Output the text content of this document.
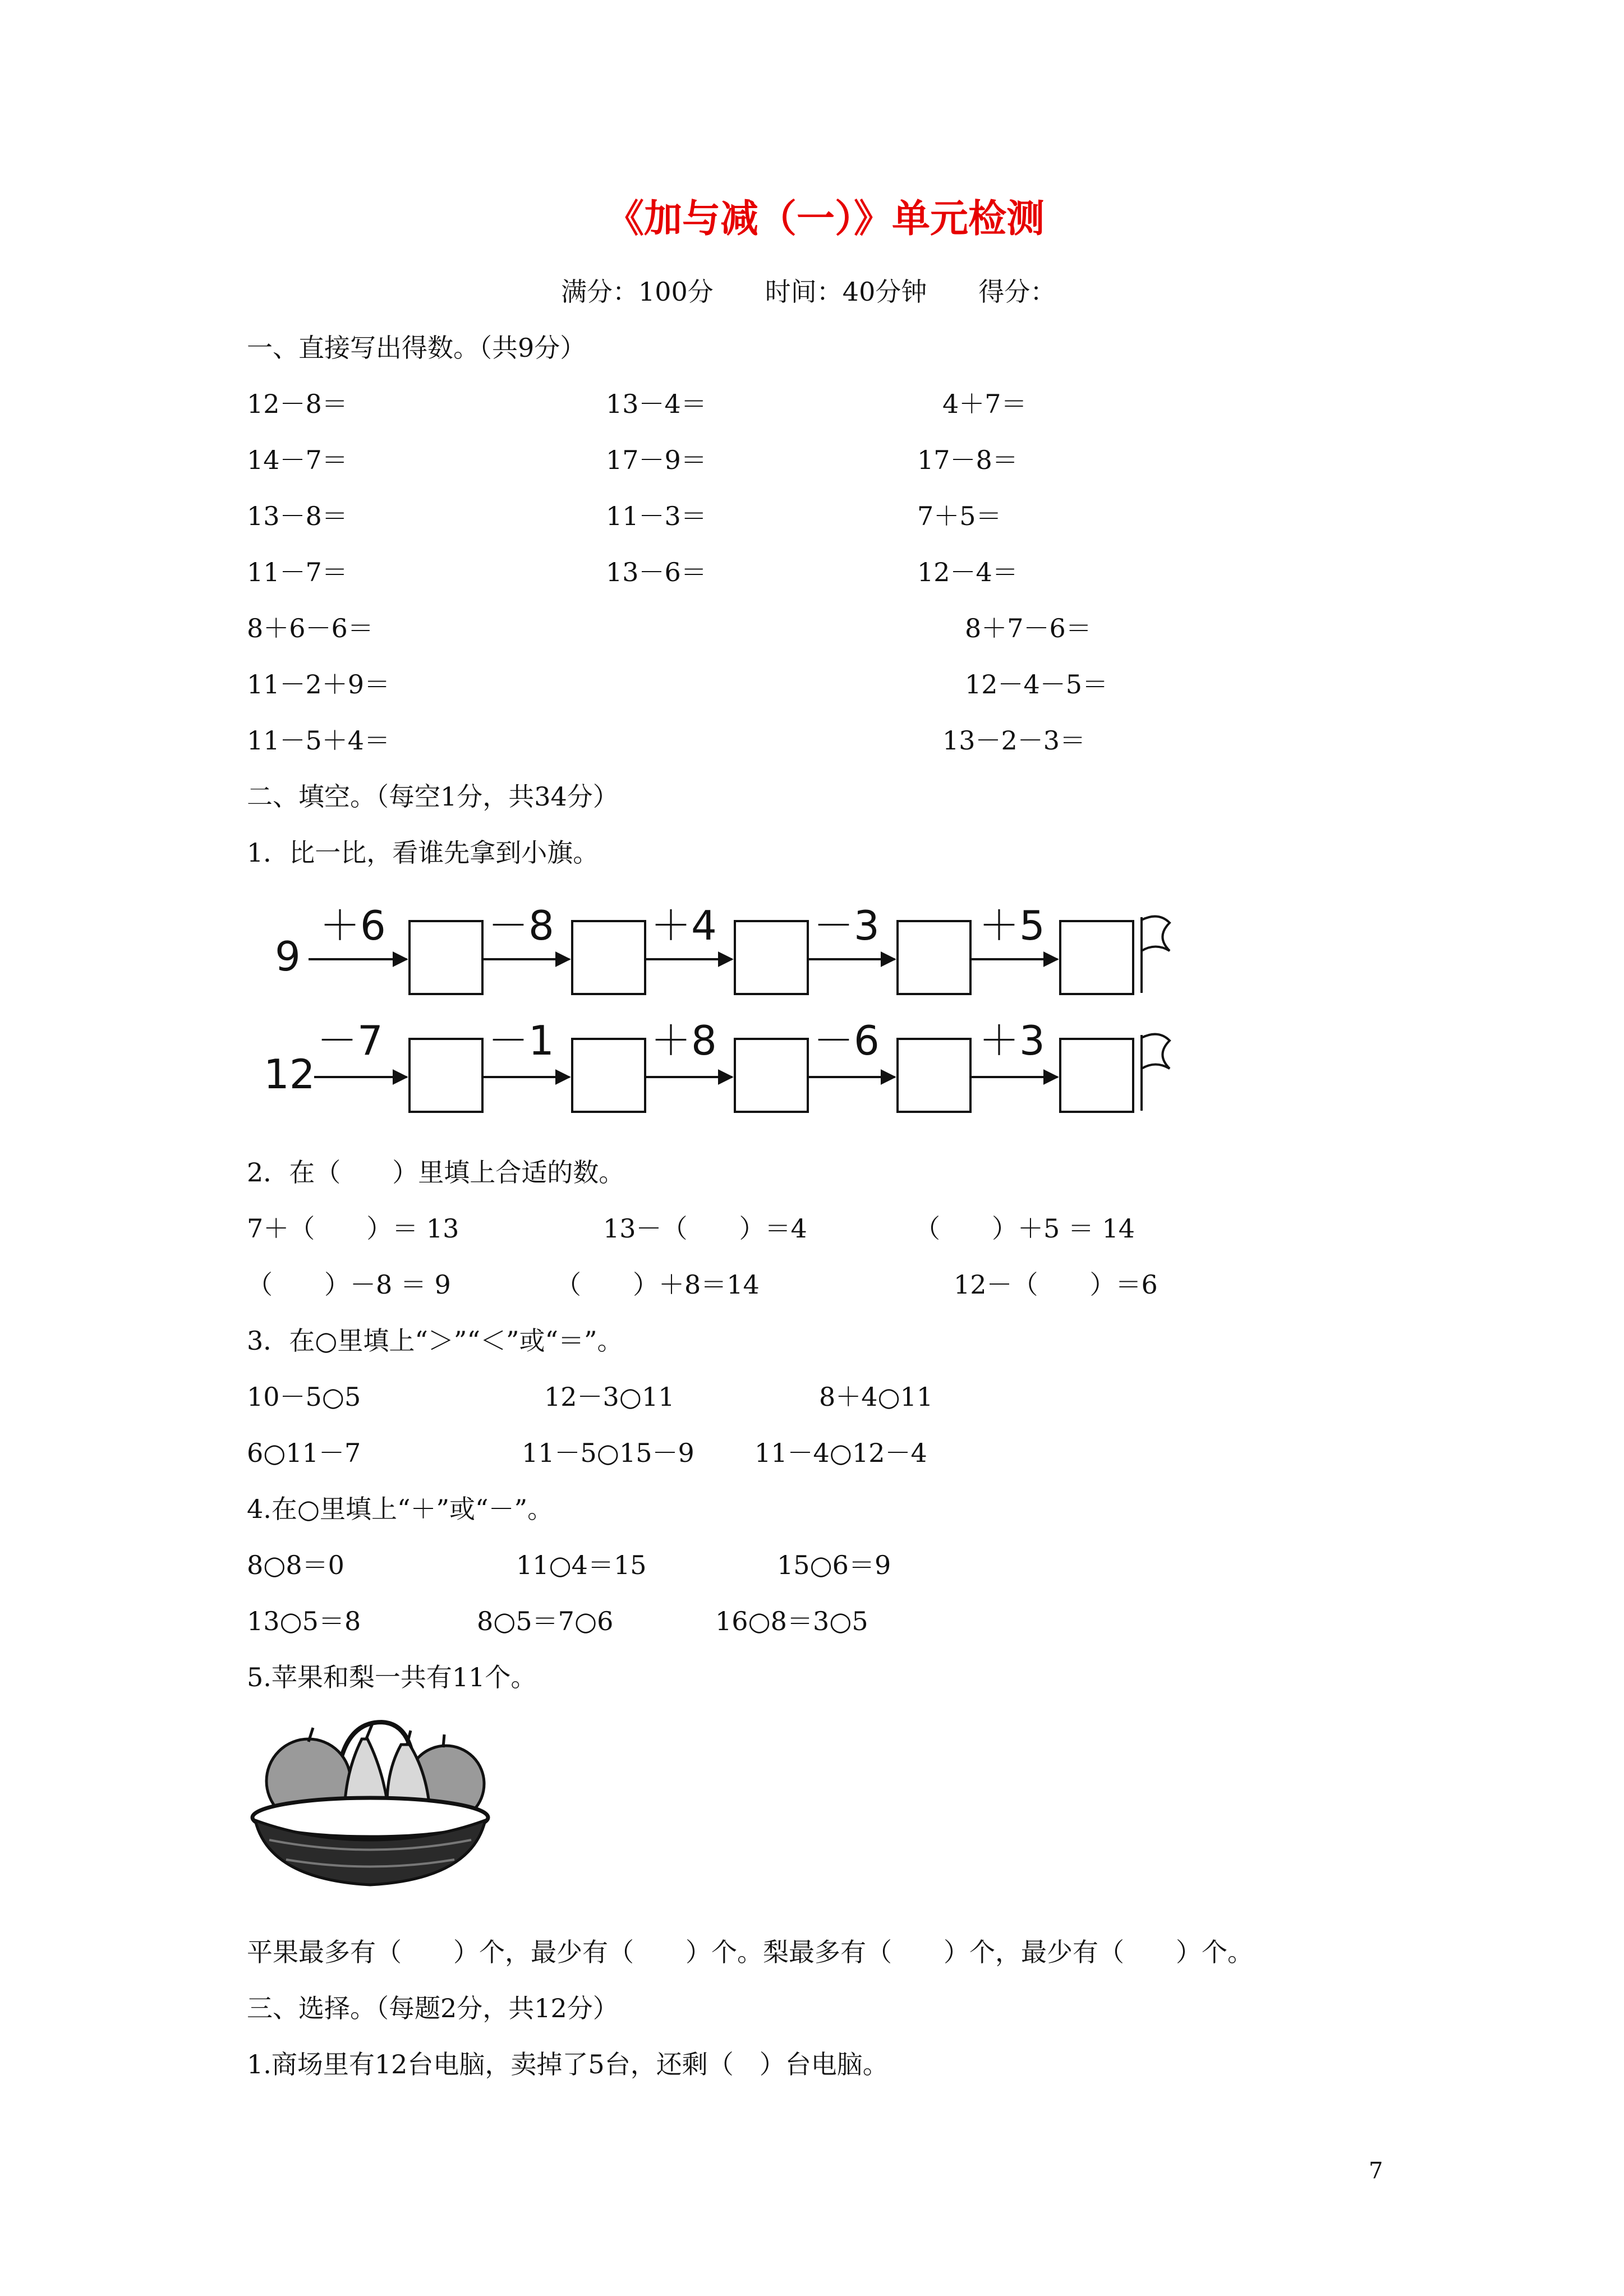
《加与减（一）》单元检测
满分：100分　　时间：40分钟　　得分：
一、直接写出得数。（共9分）
12－8＝	13－4＝	4＋7＝
14－7＝	17－9＝	17－8＝
13－8＝	11－3＝	7＋5＝
11－7＝	13－6＝	12－4＝
8＋6－6＝	8＋7－6＝
11－2＋9＝	12－4－5＝
11－5＋4＝	13－2－3＝
二、填空。（每空1分，共34分）
1．比一比，看谁先拿到小旗。
9
＋6	－8 ＋4 －3 ＋5
12
－7	－1 ＋8 －6 ＋3
2．在（　　）里填上合适的数。
7＋（　　）＝ 13	13－（　　）＝4	（　　）＋5 ＝ 14
（　　）－8 ＝ 9	（　　）＋8＝14	12－（　　）＝6
3．在○里填上“＞”“＜”或“＝”。
10－5○5	12－3○11	8＋4○11
6○11－7	11－5○15－9 11－4○12－4
4.在○里填上“＋”或“－”。
8○8＝0	11○4＝15	15○6＝9
13○5＝8	8○5＝7○6	16○8＝3○5
5.苹果和梨一共有11个。
平果最多有（　　）个，最少有（　　）个。梨最多有（　　）个，最少有（　　）个。
三、选择。（每题2分，共12分）
1.商场里有12台电脑，卖掉了5台，还剩（　）台电脑。
7
